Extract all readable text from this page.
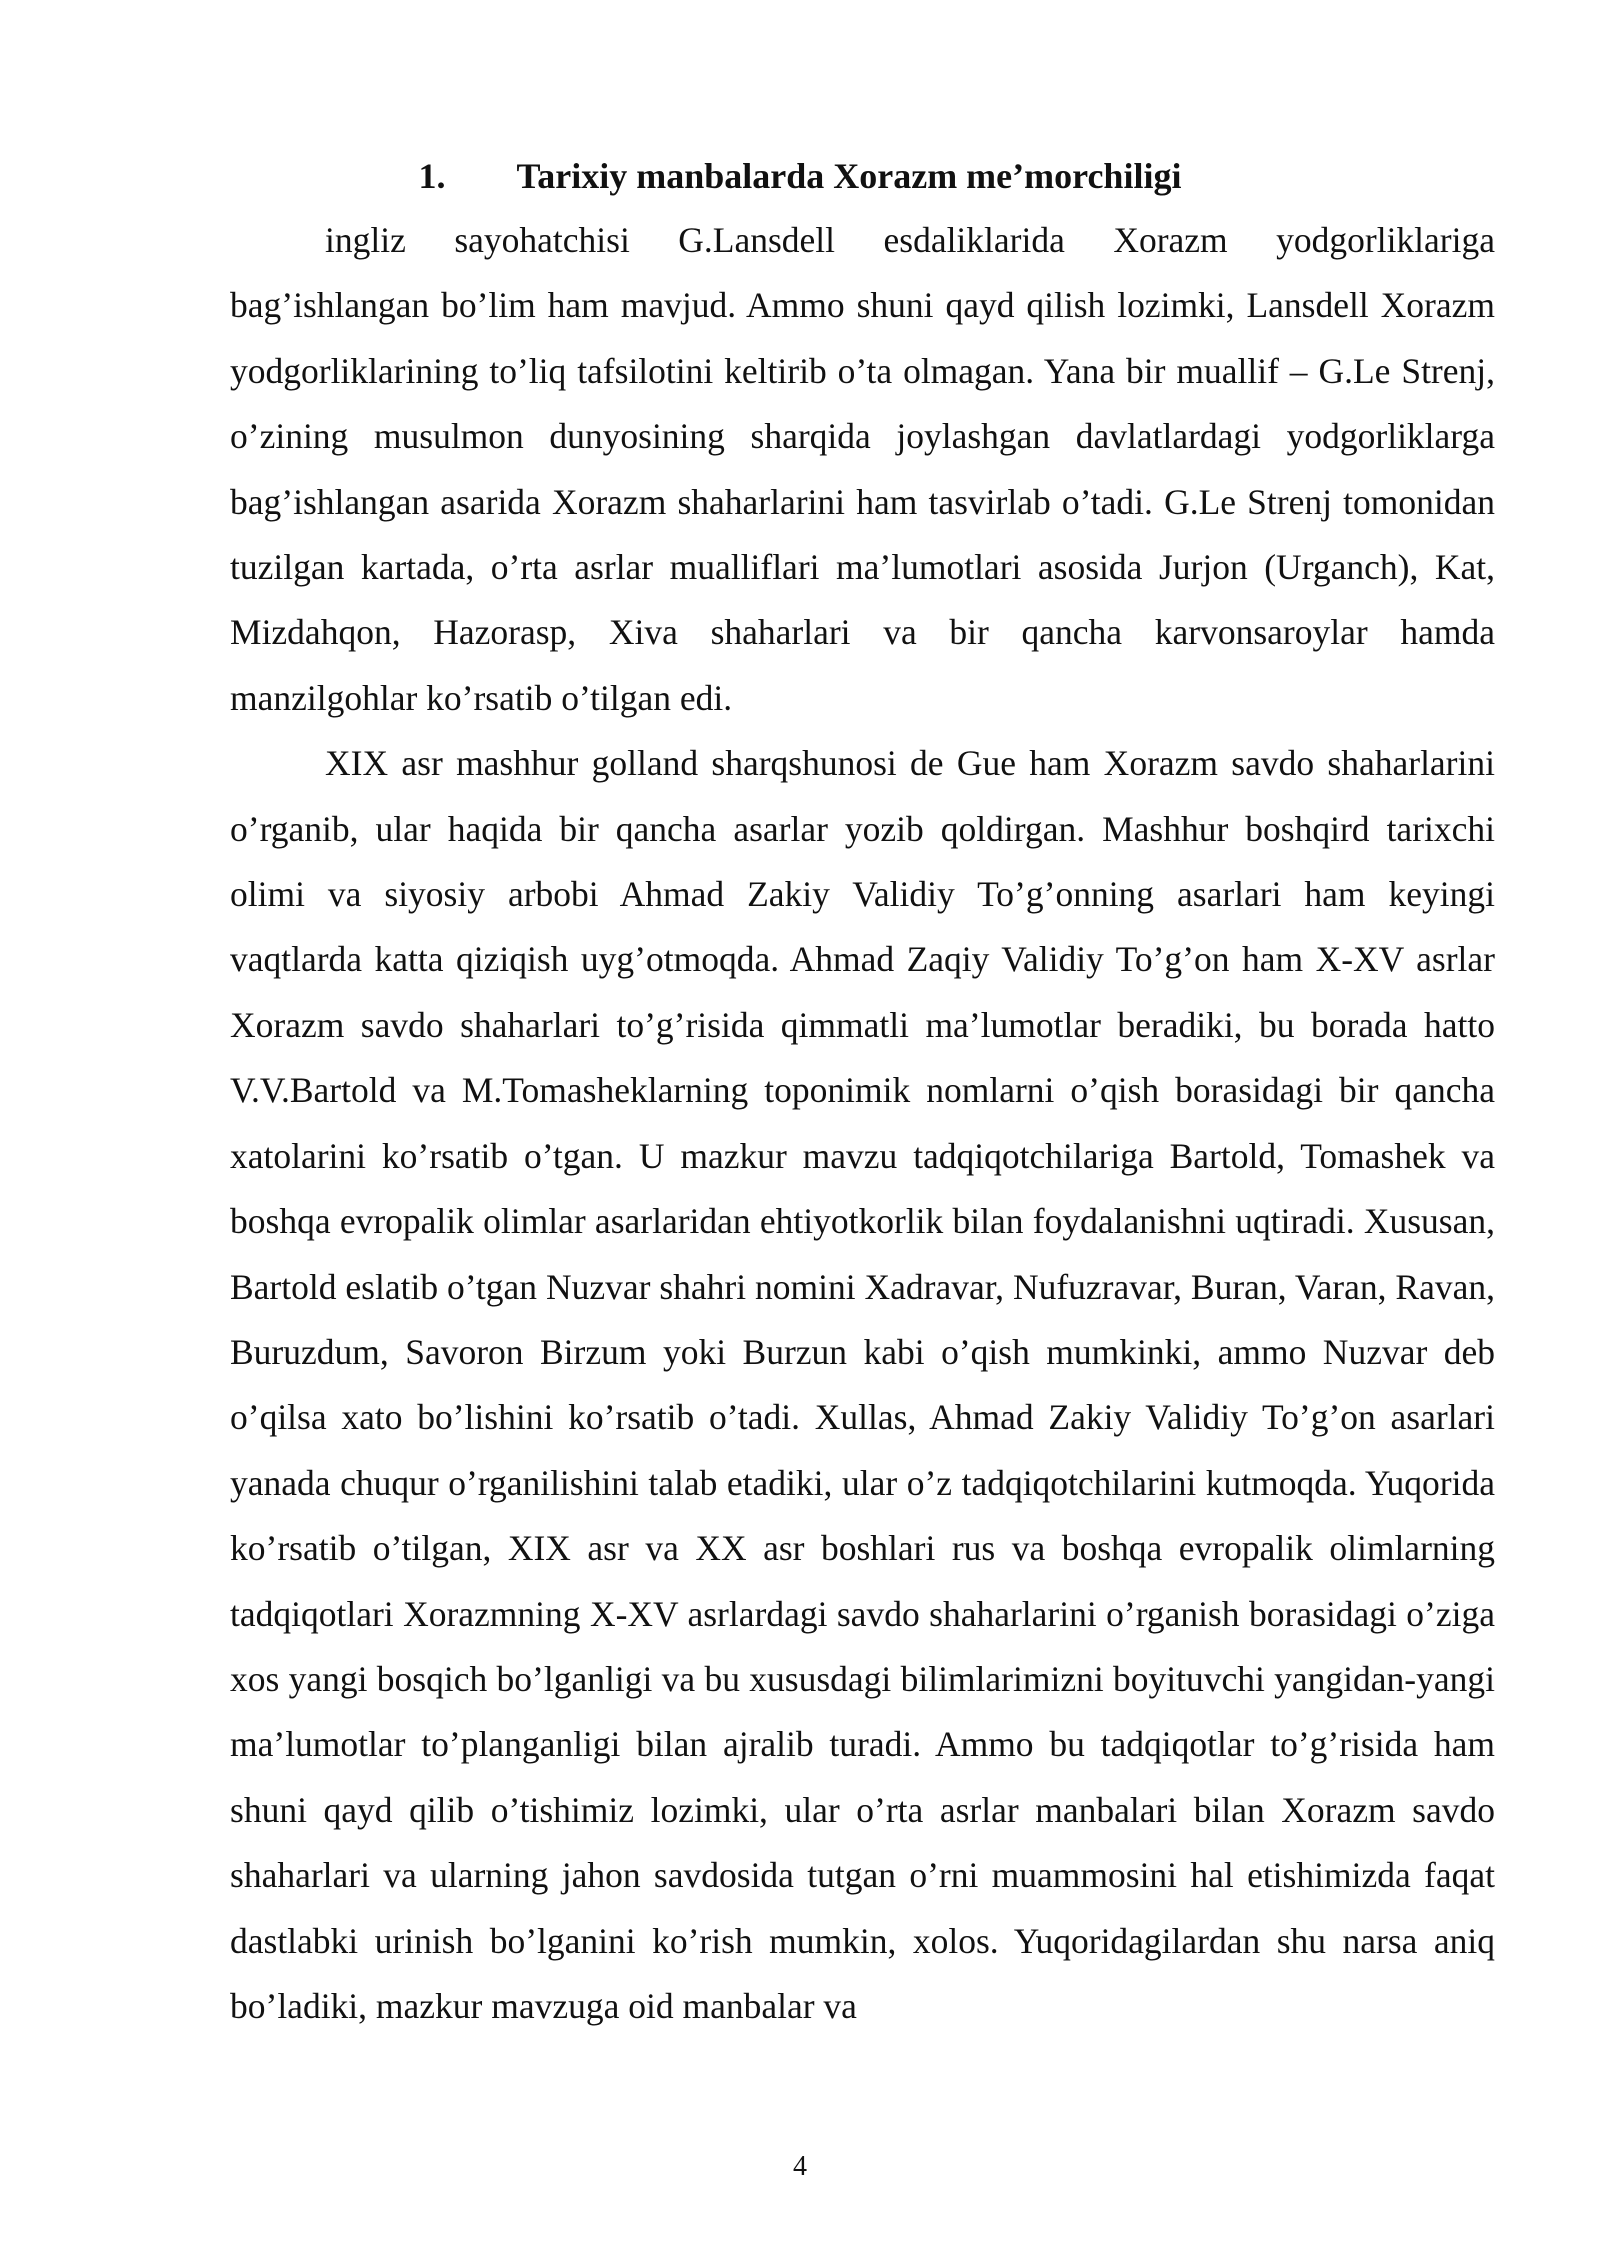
1. Tarixiy manbalarda Xorazm me’morchiligi

ingliz sayohatchisi G.Lansdell esdaliklarida Xorazm yodgorliklariga bag’ishlangan bo’lim ham mavjud. Ammo shuni qayd qilish lozimki, Lansdell Xorazm yodgorliklarining to’liq tafsilotini keltirib o’ta olmagan. Yana bir muallif – G.Le Strenj, o’zining musulmon dunyosining sharqida joylashgan davlatlardagi yodgorliklarga bag’ishlangan asarida Xorazm shaharlarini ham tasvirlab o’tadi. G.Le Strenj tomonidan tuzilgan kartada, o’rta asrlar mualliflari ma’lumotlari asosida Jurjon (Urganch), Kat, Mizdahqon, Hazorasp, Xiva shaharlari va bir qancha karvonsaroylar hamda manzilgohlar ko’rsatib o’tilgan edi.

XIX asr mashhur golland sharqshunosi de Gue ham Xorazm savdo shaharlarini o’rganib, ular haqida bir qancha asarlar yozib qoldirgan. Mashhur boshqird tarixchi olimi va siyosiy arbobi Ahmad Zakiy Validiy To’g’onning asarlari ham keyingi vaqtlarda katta qiziqish uyg’otmoqda. Ahmad Zaqiy Validiy To’g’on ham X-XV asrlar Xorazm savdo shaharlari to’g’risida qimmatli ma’lumotlar beradiki, bu borada hatto V.V.Bartold va M.Tomasheklarning toponimik nomlarni o’qish borasidagi bir qancha xatolarini ko’rsatib o’tgan. U mazkur mavzu tadqiqotchilariga Bartold, Tomashek va boshqa evropalik olimlar asarlaridan ehtiyotkorlik bilan foydalanishni uqtiradi. Xususan, Bartold eslatib o’tgan Nuzvar shahri nomini Xadravar, Nufuzravar, Buran, Varan, Ravan, Buruzdum, Savoron Birzum yoki Burzun kabi o’qish mumkinki, ammo Nuzvar deb o’qilsa xato bo’lishini ko’rsatib o’tadi. Xullas, Ahmad Zakiy Validiy To’g’on asarlari yanada chuqur o’rganilishini talab etadiki, ular o’z tadqiqotchilarini kutmoqda. Yuqorida ko’rsatib o’tilgan, XIX asr va XX asr boshlari rus va boshqa evropalik olimlarning tadqiqotlari Xorazmning X-XV asrlardagi savdo shaharlarini o’rganish borasidagi o’ziga xos yangi bosqich bo’lganligi va bu xususdagi bilimlarimizni boyituvchi yangidan-yangi ma’lumotlar to’planganligi bilan ajralib turadi. Ammo bu tadqiqotlar to’g’risida ham shuni qayd qilib o’tishimiz lozimki, ular o’rta asrlar manbalari bilan Xorazm savdo shaharlari va ularning jahon savdosida tutgan o’rni muammosini hal etishimizda faqat dastlabki urinish bo’lganini ko’rish mumkin, xolos. Yuqoridagilardan shu narsa aniq bo’ladiki, mazkur mavzuga oid manbalar va

4
